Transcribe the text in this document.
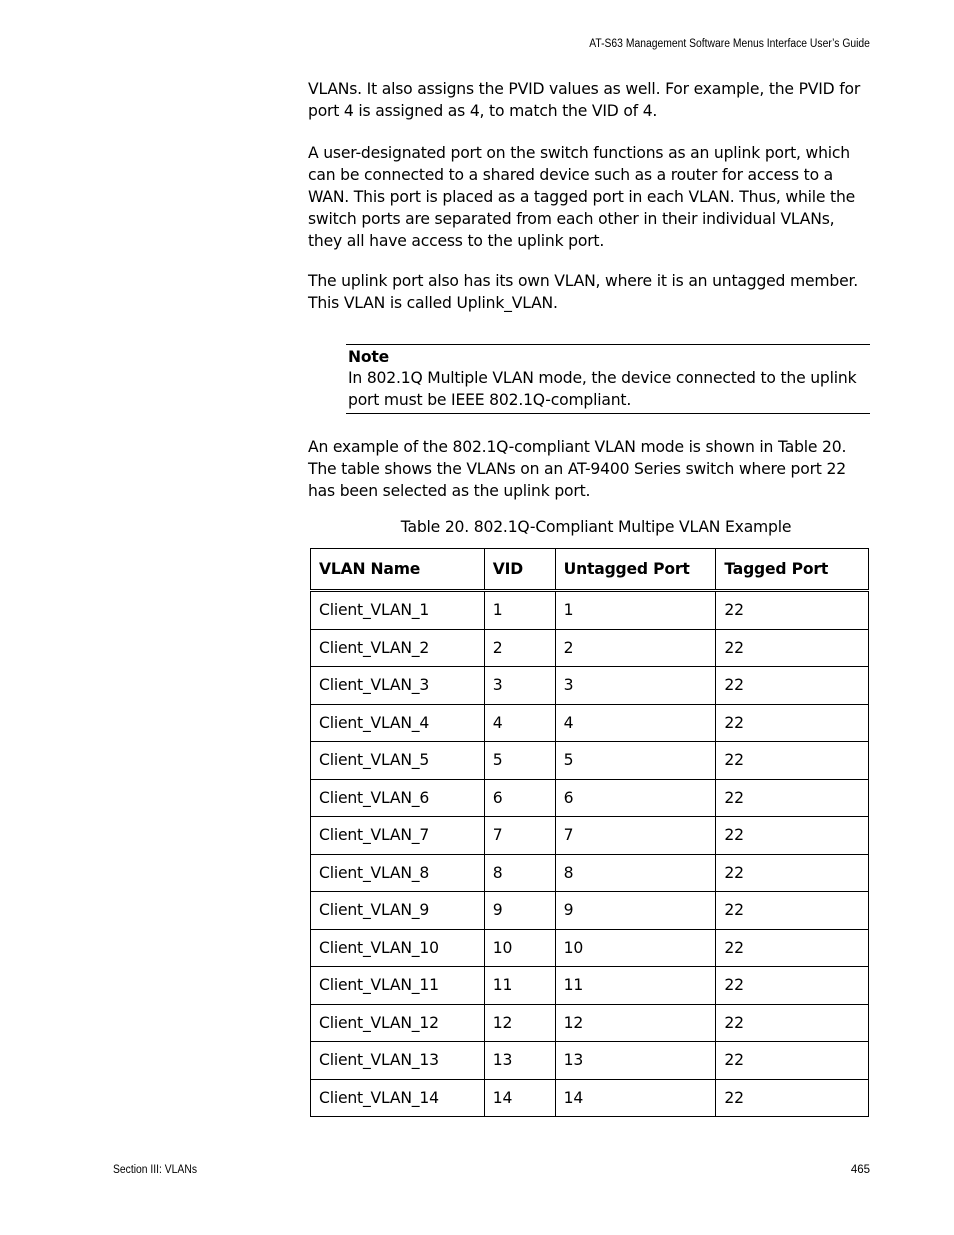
AT-S63 Management Software Menus Interface User’s Guide

VLANs. It also assigns the PVID values as well. For example, the PVID for port 4 is assigned as 4, to match the VID of 4.

A user-designated port on the switch functions as an uplink port, which can be connected to a shared device such as a router for access to a WAN. This port is placed as a tagged port in each VLAN. Thus, while the switch ports are separated from each other in their individual VLANs, they all have access to the uplink port.

The uplink port also has its own VLAN, where it is an untagged member. This VLAN is called Uplink_VLAN.

Note
In 802.1Q Multiple VLAN mode, the device connected to the uplink port must be IEEE 802.1Q-compliant.

An example of the 802.1Q-compliant VLAN mode is shown in Table 20. The table shows the VLANs on an AT-9400 Series switch where port 22 has been selected as the uplink port.

Table 20. 802.1Q-Compliant Multipe VLAN Example
VLAN Name	VID	Untagged Port	Tagged Port
Client_VLAN_1	1	1	22
Client_VLAN_2	2	2	22
Client_VLAN_3	3	3	22
Client_VLAN_4	4	4	22
Client_VLAN_5	5	5	22
Client_VLAN_6	6	6	22
Client_VLAN_7	7	7	22
Client_VLAN_8	8	8	22
Client_VLAN_9	9	9	22
Client_VLAN_10	10	10	22
Client_VLAN_11	11	11	22
Client_VLAN_12	12	12	22
Client_VLAN_13	13	13	22
Client_VLAN_14	14	14	22
Section III: VLANs	465
